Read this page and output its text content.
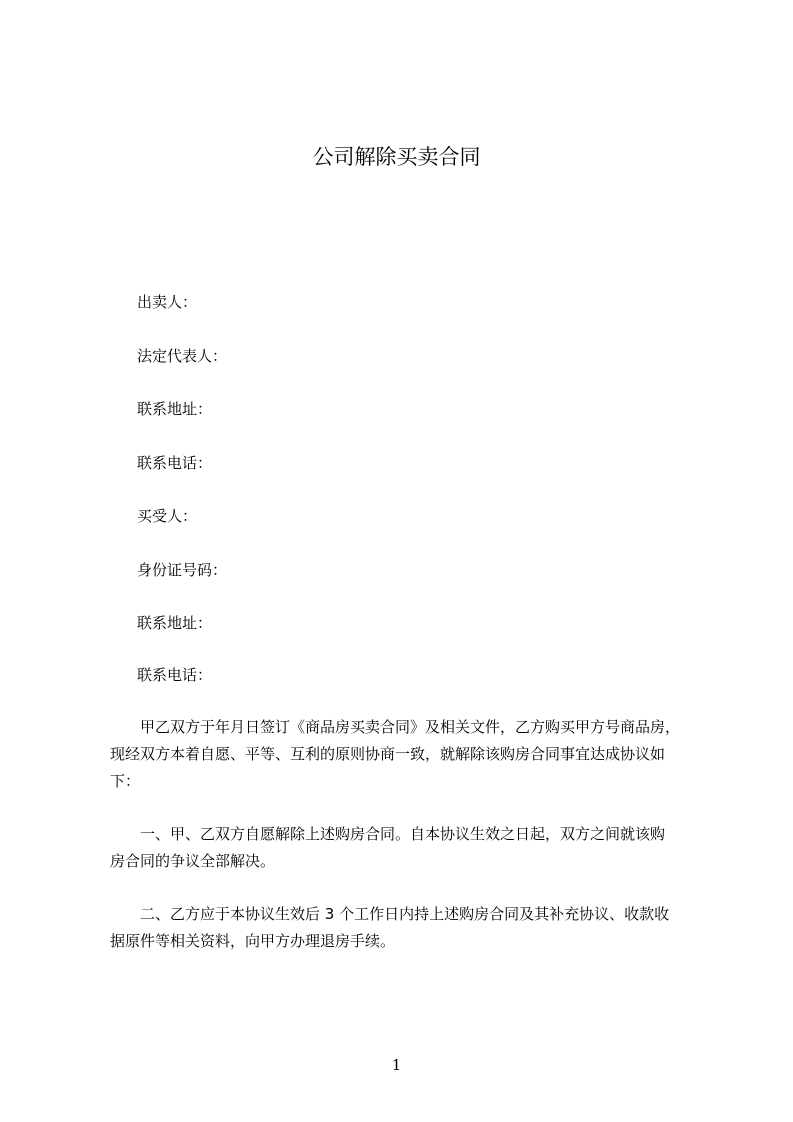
公司解除买卖合同
出卖人：
法定代表人：
联系地址：
联系电话：
买受人：
身份证号码：
联系地址：
联系电话：
　　甲乙双方于年月日签订《商品房买卖合同》及相关文件，乙方购买甲方号商品房，
现经双方本着自愿、平等、互利的原则协商一致，就解除该购房合同事宜达成协议如
下：
　　一、甲、乙双方自愿解除上述购房合同。自本协议生效之日起，双方之间就该购
房合同的争议全部解决。
　　二、乙方应于本协议生效后 3 个工作日内持上述购房合同及其补充协议、收款收
据原件等相关资料，向甲方办理退房手续。
1
